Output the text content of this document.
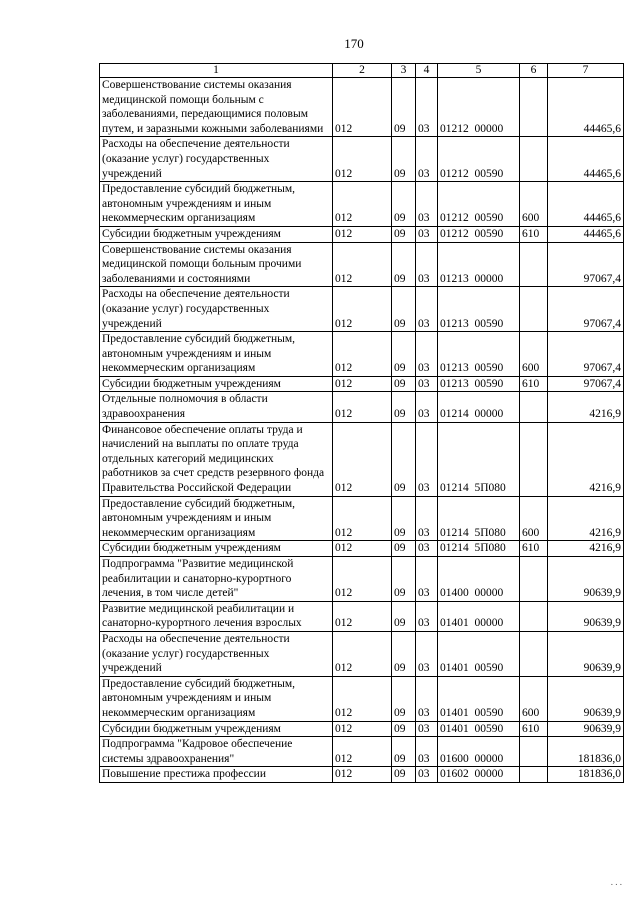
170
1	2	3	4	5	6	7
Совершенствование системы оказания медицинской помощи больным с заболеваниями, передающимися половым путем, и заразными кожными заболеваниями	012	09	03	01212  00000		44465,6
Расходы на обеспечение деятельности (оказание услуг) государственных учреждений	012	09	03	01212  00590		44465,6
Предоставление субсидий бюджетным, автономным учреждениям и иным некоммерческим организациям	012	09	03	01212  00590	600	44465,6
Субсидии бюджетным учреждениям	012	09	03	01212  00590	610	44465,6
Совершенствование системы оказания медицинской помощи больным прочими заболеваниями и состояниями	012	09	03	01213  00000		97067,4
Расходы на обеспечение деятельности (оказание услуг) государственных учреждений	012	09	03	01213  00590		97067,4
Предоставление субсидий бюджетным, автономным учреждениям и иным некоммерческим организациям	012	09	03	01213  00590	600	97067,4
Субсидии бюджетным учреждениям	012	09	03	01213  00590	610	97067,4
Отдельные полномочия в области здравоохранения	012	09	03	01214  00000		4216,9
Финансовое обеспечение оплаты труда и начислений на выплаты по оплате труда отдельных категорий медицинских работников за счет средств резервного фонда Правительства Российской Федерации	012	09	03	01214  5П080		4216,9
Предоставление субсидий бюджетным, автономным учреждениям и иным некоммерческим организациям	012	09	03	01214  5П080	600	4216,9
Субсидии бюджетным учреждениям	012	09	03	01214  5П080	610	4216,9
Подпрограмма "Развитие медицинской реабилитации и санаторно-курортного лечения, в том числе детей"	012	09	03	01400  00000		90639,9
Развитие медицинской реабилитации и санаторно-курортного лечения взрослых	012	09	03	01401  00000		90639,9
Расходы на обеспечение деятельности (оказание услуг) государственных учреждений	012	09	03	01401  00590		90639,9
Предоставление субсидий бюджетным, автономным учреждениям и иным некоммерческим организациям	012	09	03	01401  00590	600	90639,9
Субсидии бюджетным учреждениям	012	09	03	01401  00590	610	90639,9
Подпрограмма "Кадровое обеспечение системы здравоохранения"	012	09	03	01600  00000		181836,0
Повышение престижа профессии	012	09	03	01602  00000		181836,0
. . .
